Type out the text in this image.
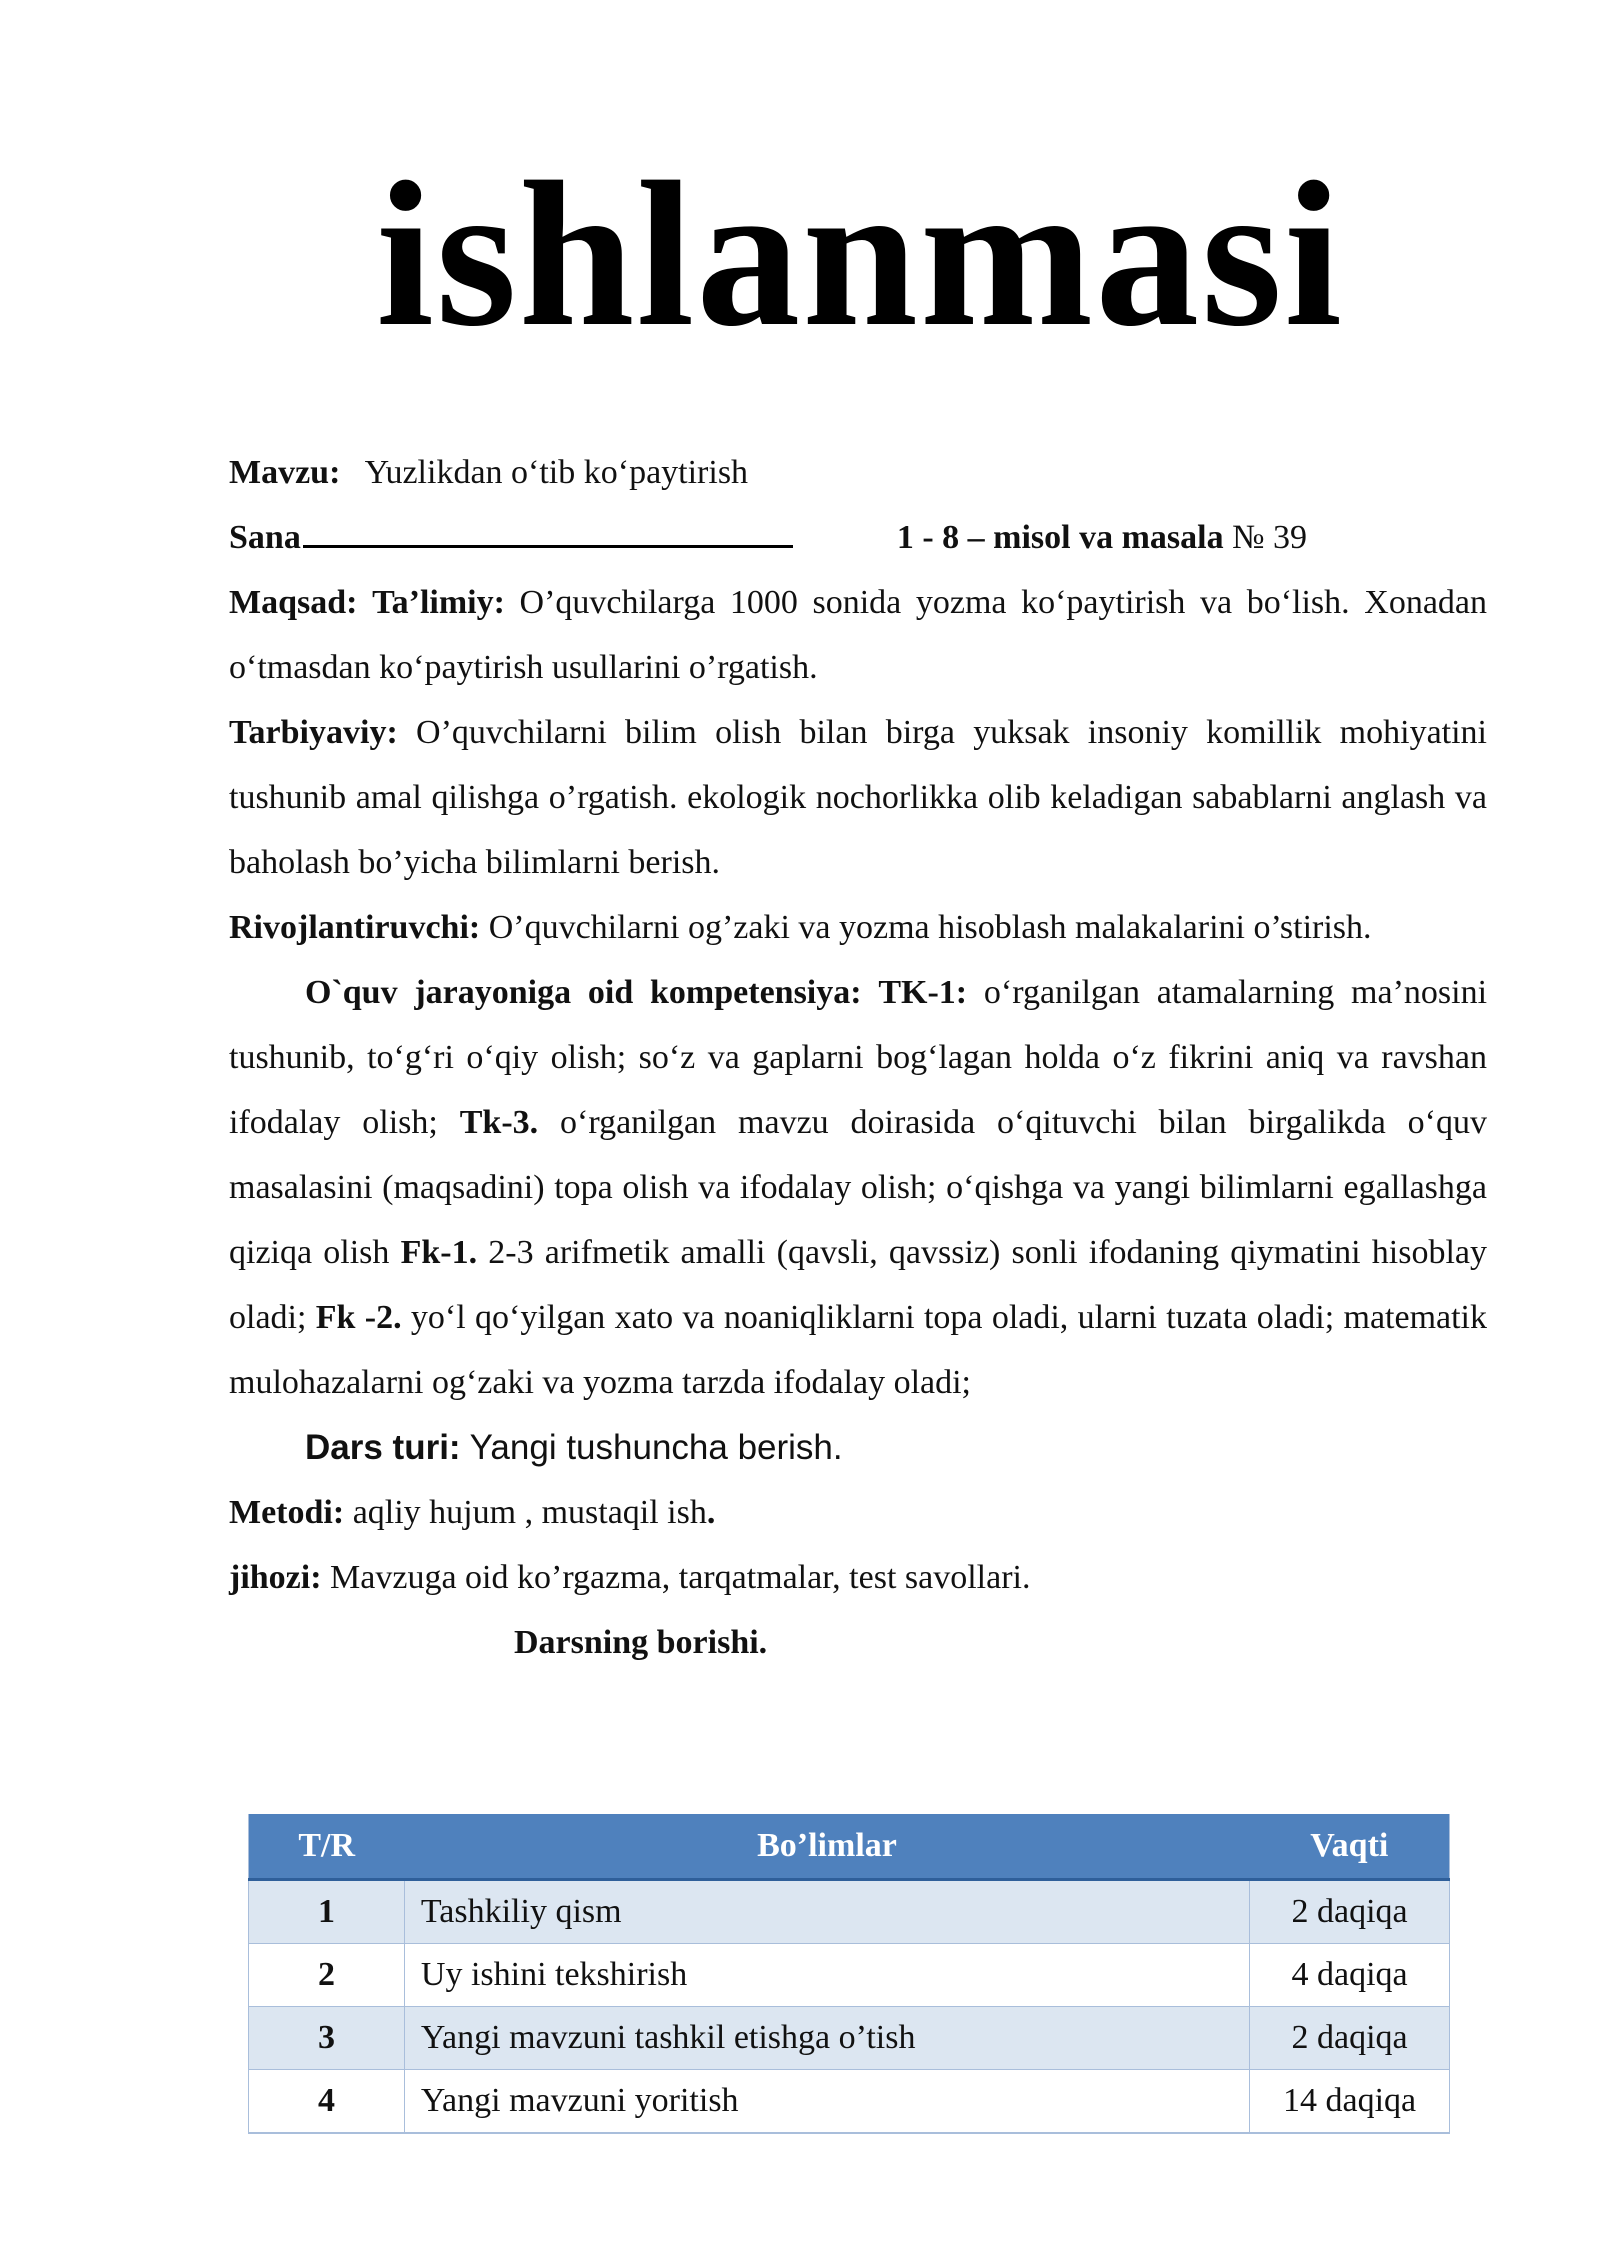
ishlanmasi

Mavzu: Yuzlikdan o‘tib ko‘paytirish

Sana	1 - 8 – misol va masala № 39

Maqsad: Ta’limiy: O’quvchilarga 1000 sonida yozma ko‘paytirish va bo‘lish. Xonadan o‘tmasdan ko‘paytirish usullarini o’rgatish.

Tarbiyaviy: O’quvchilarni bilim olish bilan birga yuksak insoniy komillik mohiyatini tushunib amal qilishga o’rgatish. ekologik nochorlikka olib keladigan sabablarni anglash va baholash bo’yicha bilimlarni berish.

Rivojlantiruvchi: O’quvchilarni og’zaki va yozma hisoblash malakalarini o’stirish.

O`quv jarayoniga oid kompetensiya: TK-1: o‘rganilgan atamalarning ma’nosini tushunib, to‘g‘ri o‘qiy olish; so‘z va gaplarni bog‘lagan holda o‘z fikrini aniq va ravshan ifodalay olish; Tk-3. o‘rganilgan mavzu doirasida o‘qituvchi bilan birgalikda o‘quv masalasini (maqsadini) topa olish va ifodalay olish; o‘qishga va yangi bilimlarni egallashga qiziqa olish Fk-1. 2-3 arifmetik amalli (qavsli, qavssiz) sonli ifodaning qiymatini hisoblay oladi; Fk -2. yo‘l qo‘yilgan xato va noaniqliklarni topa oladi, ularni tuzata oladi; matematik mulohazalarni og‘zaki va yozma tarzda ifodalay oladi;

Dars turi: Yangi tushuncha berish.

Metodi: aqliy hujum , mustaqil ish.

jihozi: Mavzuga oid ko’rgazma, tarqatmalar, test savollari.

Darsning borishi.

T/R	Bo’limlar	Vaqti
1	Tashkiliy qism	2 daqiqa
2	Uy ishini tekshirish	4 daqiqa
3	Yangi mavzuni tashkil etishga o’tish	2 daqiqa
4	Yangi mavzuni yoritish	14 daqiqa
